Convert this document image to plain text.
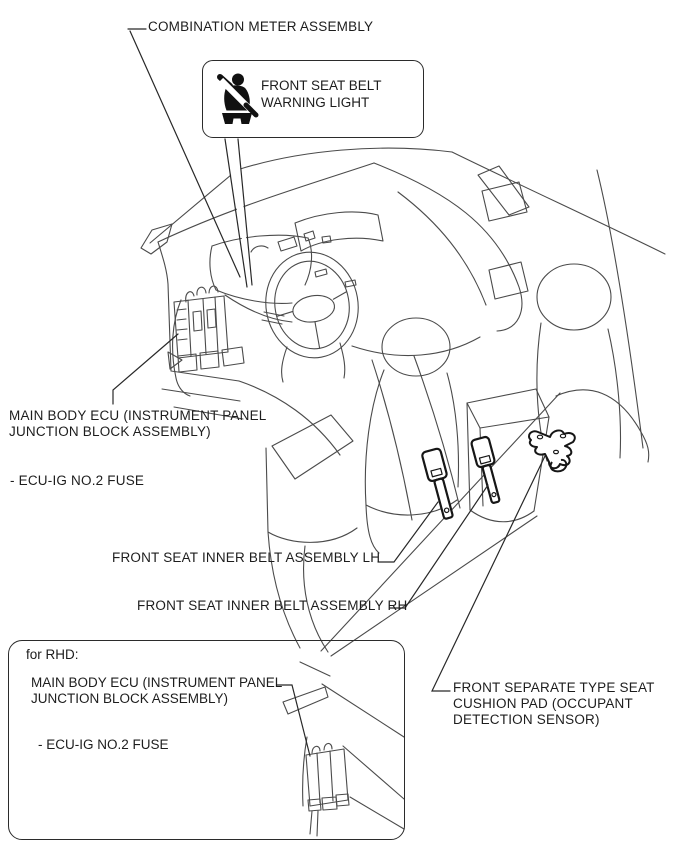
COMBINATION METER ASSEMBLY
FRONT SEAT BELT
WARNING LIGHT
MAIN BODY ECU (INSTRUMENT PANEL
JUNCTION BLOCK ASSEMBLY)
- ECU-IG NO.2 FUSE
FRONT SEAT INNER BELT ASSEMBLY LH
FRONT SEAT INNER BELT ASSEMBLY RH
FRONT SEPARATE TYPE SEAT
CUSHION PAD (OCCUPANT
DETECTION SENSOR)
for RHD:
MAIN BODY ECU (INSTRUMENT PANEL
JUNCTION BLOCK ASSEMBLY)
- ECU-IG NO.2 FUSE
